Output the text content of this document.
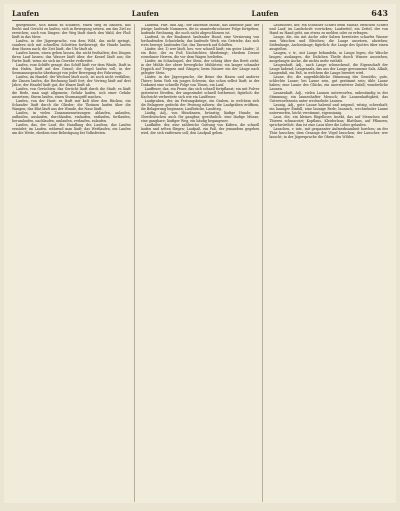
Laufen	Laufen	Laufen	643

gelegenheit, sich Raum zu schaffen, einen Weg zu bahnen, das Recht und Gericht zu laufen; sich in Bewegung setzen, um das Ziel zu erreichen; auch von Dingen: der Weg läuft durch den Wald, der Fluß läuft in das Meer.

Laufen, in der Jägersprache, von dem Wild, das nicht springt, sondern sich mit schnellen Schritten fortbewegt; die Hunde laufen dem Hasen nach; die Zeit läuft, die Uhr läuft ab.

Laufen lassen, einen gehen lassen, ihn nicht festhalten; den Dingen ihren Lauf lassen; das Wasser läuft über, der Kessel läuft aus; die Farbe läuft, wenn sie sich im Gewebe verbreitet.

Laufen, vom Schiffe gesagt: das Schiff läuft vor dem Winde, läuft in den Hafen, läuft auf den Grund; die Segel laufen voll; in der Seemannssprache überhaupt von jeder Bewegung des Fahrzeugs.

Laufen, im Handel: der Wechsel läuft noch, ist noch nicht verfallen; die Zinsen laufen, die Rechnung läuft fort; der Vertrag läuft auf drei Jahre; der Handel läuft gut, die Waare läuft ab.

Laufen, von Gerüchten: das Gerücht läuft durch die Stadt; es läuft die Rede, man sagt allgemein; Gefahr laufen, sich einer Gefahr aussetzen; Sturm laufen, einen Sturmangriff machen.

Laufen, von der Haut: es läuft mir kalt über den Rücken, ein Schauder läuft durch die Glieder; die Thränen laufen über die Wangen; das Blut läuft aus der Wunde, die Nase läuft.

Laufen, in vielen Zusammensetzungen: ablaufen, anlaufen, auflaufen, auslaufen, durchlaufen, einlaufen, entlaufen, fortlaufen, herumlaufen, nachlaufen, umlaufen, verlaufen, zulaufen.

Laufen, das, der Lauf, die Handlung des Laufens; das Laufen ermüdet; im Laufen, während man läuft; das Wettlaufen, ein Laufen um die Wette, ehedem eine Belustigung bei Volksfesten.

Laufend, Part. und Adj.: der laufende Monat, das laufende Jahr, der jetzige; laufende Nummern, die in ununterbrochener Folge fortgehen; laufende Rechnung, die noch nicht abgeschlossen ist.

Laufend, in der Baukunst: laufender Hund, eine Verzierung von fortlaufenden Schnörkeln; das laufende Werk, ein Getriebe, das sich stets bewegt; laufendes Gut, das Tauwerk auf Schiffen.

Läufer, der, 1) wer läuft, bes. wer schnell läuft; ein guter Läufer; 2) ein Bote, der zu Fuß Nachrichten überbringt; ehedem Diener vornehmer Herren, die vor dem Wagen herliefen.

Läufer, im Schachspiel, der Stein, der schräg über das Brett zieht; in der Mühle der obere bewegliche Mühlstein; ein langer schmaler Teppich auf Treppen und Gängen; beim Maurer ein der Länge nach gelegter Stein.

Läufer, in der Jägersprache, die Beine des Hasen und anderer Thiere; beim Vieh ein junges Schwein, das schon selbst läuft; in der Tonkunst eine schnelle Folge von Tönen, ein Lauf.

Lauffeuer, das, ein Feuer, das sich schnell fortpflanzt; ein mit Pulver gestreuter Streifen, der angezündet schnell fortbrennt; figürlich: die Nachricht verbreitete sich wie ein Lauffeuer.

Laufgraben, der, im Festungskriege, ein Graben, in welchem sich die Belagerer gedeckt der Festung nähern; die Laufgräben eröffnen, die Belagerung beginnen; Laufbrücke, Laufsteg.

Läufig, Adj., von Hündinnen, brünstig; läufige Hunde; im Oberdeutschen auch für gangbar, gewöhnlich: eine läufige Münze, eine gangbare; läufiger Weg, ein häufig begangener.

Laufkäfer, der, eine zahlreiche Gattung von Käfern, die schnell laufen und selten fliegen; Laufpaß, ein Paß, der jemandem gegeben wird, der sich entfernen soll; den Laufpaß geben.

Laufschritt, der, ein schneller Schritt beim Militär, zwischen Schritt und Lauf; im Laufschritt vorrücken; Laufzettel, ein Zettel, der von Hand zu Hand geht, um etwas zu melden oder zu erfragen.

Lauge, die, ein mit Asche oder Salzen bereitetes scharfes Wasser zum Waschen und Bleichen; die Lauge ansetzen, abziehen; Seifenlauge, Aschenlauge; figürlich: die Lauge des Spottes über einen ausgießen.

Laugen, v. tr., mit Lauge behandeln, in Lauge legen; die Wäsche laugen; auslaugen, die löslichen Theile durch Wasser ausziehen; ausgelaugte Asche, die nichts mehr enthält.

Laugenhaft, Adj., nach Lauge schmeckend, die Eigenschaft der Lauge habend; Laugensalz, das aus der Lauge gewonnene Salz, Alkali; Laugenfaß, ein Faß, in welchem die Lauge bereitet wird.

Laune, die, die augenblickliche Stimmung des Gemüths; gute, schlechte Laune; bei Laune sein, gut gestimmt sein; üble Laune haben; eine Laune des Glücks, ein unerwarteter Zufall; wunderliche Launen.

Launenhaft, Adj., vielen Launen unterworfen, unbeständig in der Stimmung; ein launenhafter Mensch; die Launenhaftigkeit, das Unterworfensein unter wechselnde Launen.

Launig, Adj., gute Laune habend und zeigend, witzig, scherzhaft; ein launiger Einfall, eine launige Rede; launisch, wechselnder Laune unterworfen, leicht verstimmt, eigensinnig.

Laus, die, ein kleines flügelloses Insekt, das auf Menschen und Thieren schmarotzt; Kopflaus, Kleiderlaus; Blattlaus, auf Pflanzen; sprichwörtlich: ihm ist eine Laus über die Leber gelaufen.

Lauschen, v. intr., mit gespannter Aufmerksamkeit horchen; an der Thür lauschen; dem Gesange der Vögel lauschen; der Lauscher, wer lauscht; in der Jägersprache die Ohren des Wildes.
